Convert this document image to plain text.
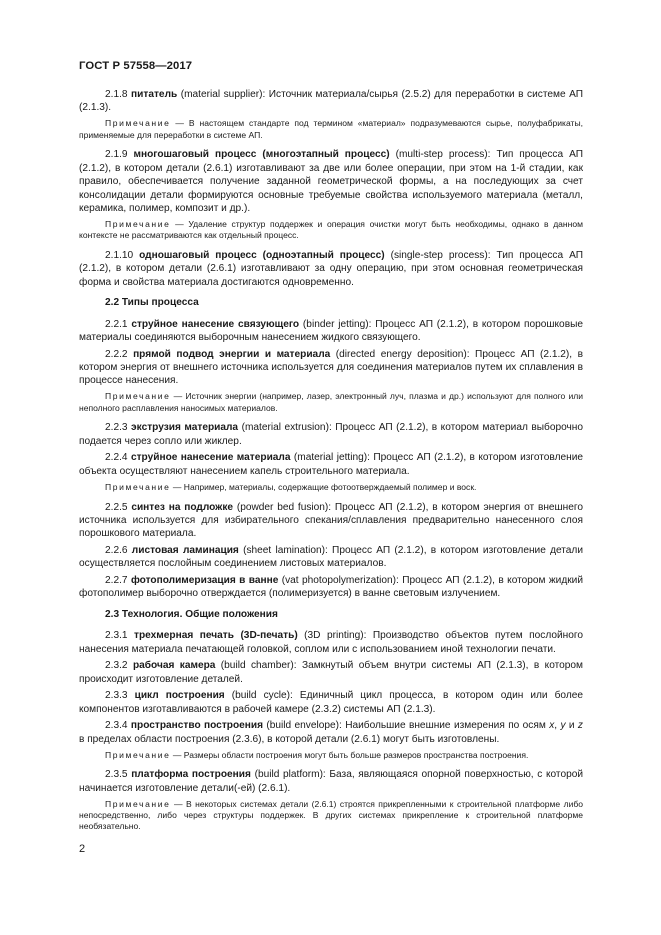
ГОСТ Р 57558—2017

2.1.8 питатель (material supplier): Источник материала/сырья (2.5.2) для переработки в системе АП (2.1.3).

Примечание — В настоящем стандарте под термином «материал» подразумеваются сырье, полуфабрикаты, применяемые для переработки в системе АП.

2.1.9 многошаговый процесс (многоэтапный процесс) (multi-step process): Тип процесса АП (2.1.2), в котором детали (2.6.1) изготавливают за две или более операции, при этом на 1-й стадии, как правило, обеспечивается получение заданной геометрической формы, а на последующих за счет консолидации детали формируются основные требуемые свойства используемого материала (металл, керамика, полимер, композит и др.).

Примечание — Удаление структур поддержек и операция очистки могут быть необходимы, однако в данном контексте не рассматриваются как отдельный процесс.

2.1.10 одношаговый процесс (одноэтапный процесс) (single-step process): Тип процесса АП (2.1.2), в котором детали (2.6.1) изготавливают за одну операцию, при этом основная геометрическая форма и свойства материала достигаются одновременно.

2.2 Типы процесса

2.2.1 струйное нанесение связующего (binder jetting): Процесс АП (2.1.2), в котором порошковые материалы соединяются выборочным нанесением жидкого связующего.

2.2.2 прямой подвод энергии и материала (directed energy deposition): Процесс АП (2.1.2), в котором энергия от внешнего источника используется для соединения материалов путем их сплавления в процессе нанесения.

Примечание — Источник энергии (например, лазер, электронный луч, плазма и др.) используют для полного или неполного расплавления наносимых материалов.

2.2.3 экструзия материала (material extrusion): Процесс АП (2.1.2), в котором материал выборочно подается через сопло или жиклер.

2.2.4 струйное нанесение материала (material jetting): Процесс АП (2.1.2), в котором изготовление объекта осуществляют нанесением капель строительного материала.

Примечание — Например, материалы, содержащие фотоотверждаемый полимер и воск.

2.2.5 синтез на подложке (powder bed fusion): Процесс АП (2.1.2), в котором энергия от внешнего источника используется для избирательного спекания/сплавления предварительно нанесенного слоя порошкового материала.

2.2.6 листовая ламинация (sheet lamination): Процесс АП (2.1.2), в котором изготовление детали осуществляется послойным соединением листовых материалов.

2.2.7 фотополимеризация в ванне (vat photopolymerization): Процесс АП (2.1.2), в котором жидкий фотополимер выборочно отверждается (полимеризуется) в ванне световым излучением.

2.3 Технология. Общие положения

2.3.1 трехмерная печать (3D-печать) (3D printing): Производство объектов путем послойного нанесения материала печатающей головкой, соплом или с использованием иной технологии печати.

2.3.2 рабочая камера (build chamber): Замкнутый объем внутри системы АП (2.1.3), в котором происходит изготовление деталей.

2.3.3 цикл построения (build cycle): Единичный цикл процесса, в котором один или более компонентов изготавливаются в рабочей камере (2.3.2) системы АП (2.1.3).

2.3.4 пространство построения (build envelope): Наибольшие внешние измерения по осям x, y и z в пределах области построения (2.3.6), в которой детали (2.6.1) могут быть изготовлены.

Примечание — Размеры области построения могут быть больше размеров пространства построения.

2.3.5 платформа построения (build platform): База, являющаяся опорной поверхностью, с которой начинается изготовление детали(-ей) (2.6.1).

Примечание — В некоторых системах детали (2.6.1) строятся прикрепленными к строительной платформе либо непосредственно, либо через структуры поддержек. В других системах прикрепление к строительной платформе необязательно.

2
